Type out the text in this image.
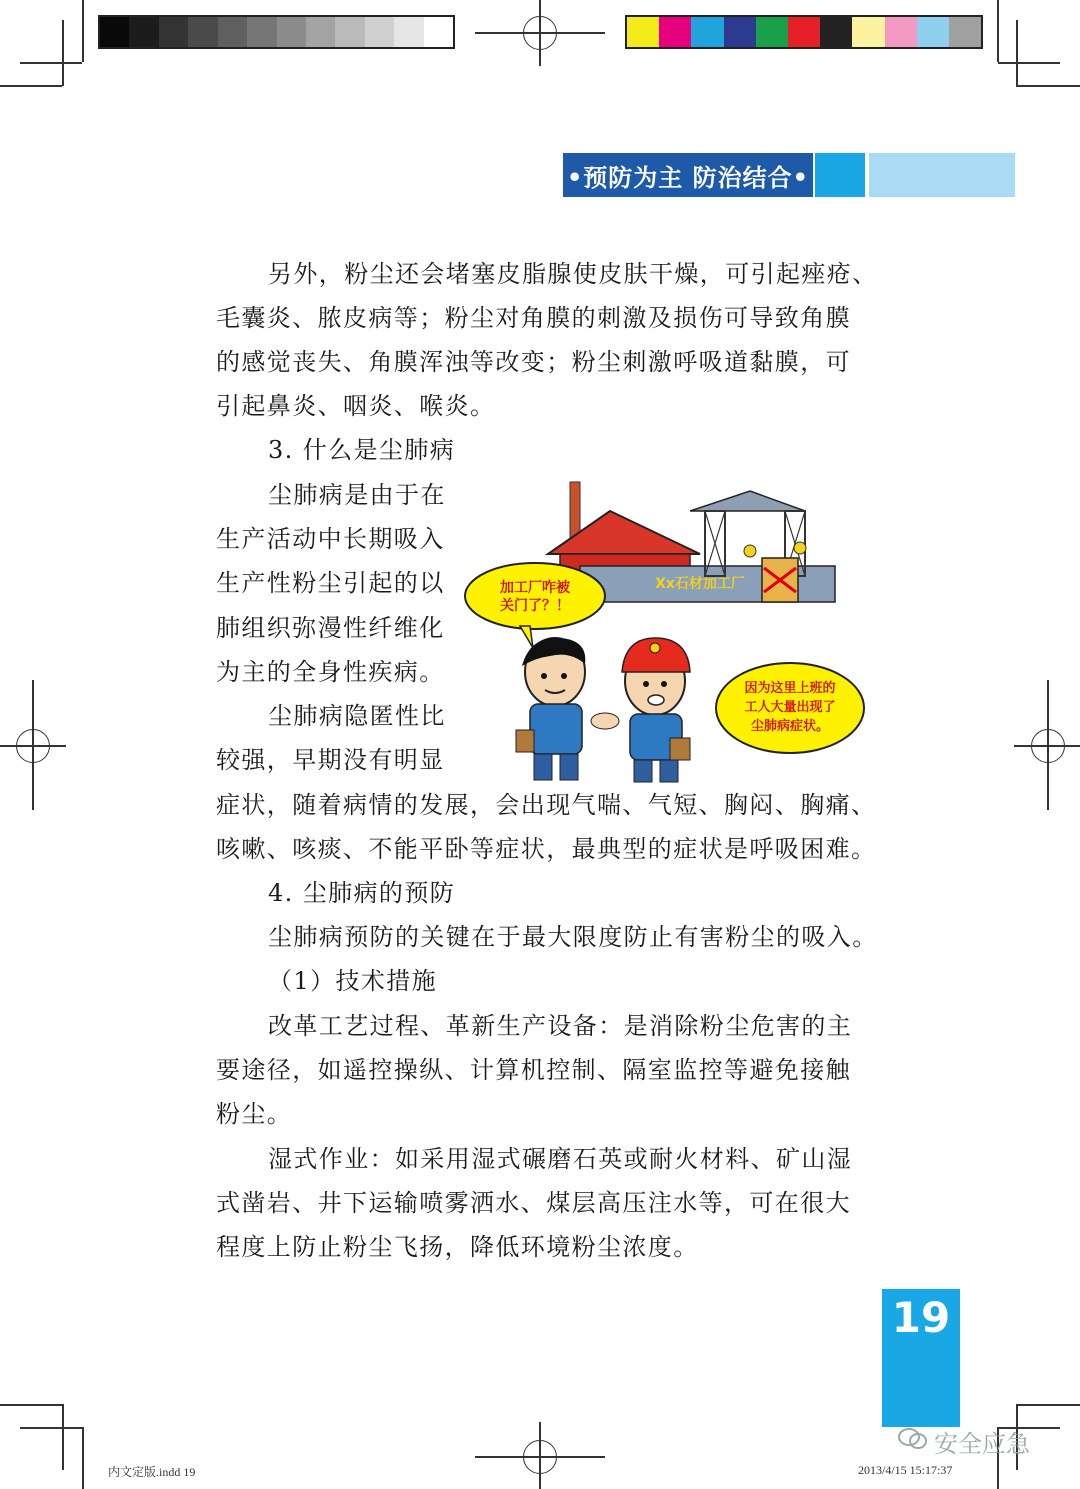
•预防为主 防治结合•
另外，粉尘还会堵塞皮脂腺使皮肤干燥，可引起痤疮、
毛囊炎、脓皮病等；粉尘对角膜的刺激及损伤可导致角膜
的感觉丧失、角膜浑浊等改变；粉尘刺激呼吸道黏膜，可
引起鼻炎、咽炎、喉炎。
3. 什么是尘肺病
尘肺病是由于在
生产活动中长期吸入
生产性粉尘引起的以
肺组织弥漫性纤维化
为主的全身性疾病。
尘肺病隐匿性比
较强，早期没有明显
症状，随着病情的发展，会出现气喘、气短、胸闷、胸痛、
咳嗽、咳痰、不能平卧等症状，最典型的症状是呼吸困难。
4. 尘肺病的预防
尘肺病预防的关键在于最大限度防止有害粉尘的吸入。
（1）技术措施
改革工艺过程、革新生产设备：是消除粉尘危害的主
要途径，如遥控操纵、计算机控制、隔室监控等避免接触
粉尘。
湿式作业：如采用湿式碾磨石英或耐火材料、矿山湿
式凿岩、井下运输喷雾洒水、煤层高压注水等，可在很大
程度上防止粉尘飞扬，降低环境粉尘浓度。
Xx石材加工厂
加工厂咋被
关门了？！
因为这里上班的
工人大量出现了
尘肺病症状。
19
内文定版.indd 19	2013/4/15 15:17:37
安全应急
